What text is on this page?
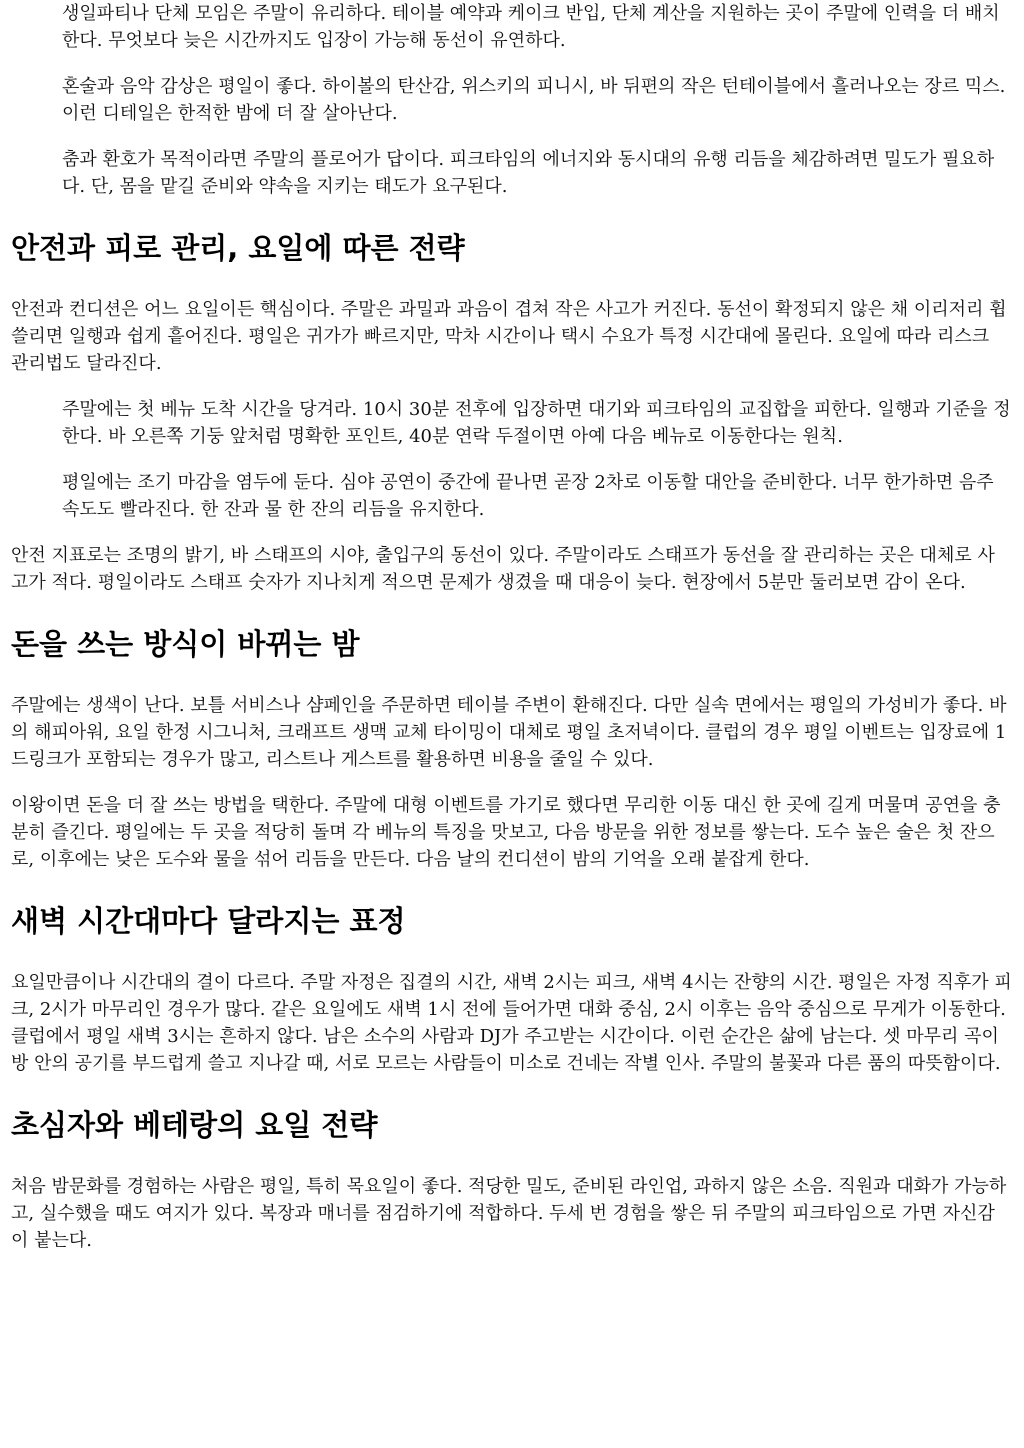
생일파티나 단체 모임은 주말이 유리하다. 테이블 예약과 케이크 반입, 단체 계산을 지원하는 곳이 주말에 인력을 더 배치한다. 무엇보다 늦은 시간까지도 입장이 가능해 동선이 유연하다.

혼술과 음악 감상은 평일이 좋다. 하이볼의 탄산감, 위스키의 피니시, 바 뒤편의 작은 턴테이블에서 흘러나오는 장르 믹스. 이런 디테일은 한적한 밤에 더 잘 살아난다.

춤과 환호가 목적이라면 주말의 플로어가 답이다. 피크타임의 에너지와 동시대의 유행 리듬을 체감하려면 밀도가 필요하다. 단, 몸을 맡길 준비와 약속을 지키는 태도가 요구된다.

안전과 피로 관리, 요일에 따른 전략

안전과 컨디션은 어느 요일이든 핵심이다. 주말은 과밀과 과음이 겹쳐 작은 사고가 커진다. 동선이 확정되지 않은 채 이리저리 휩쓸리면 일행과 쉽게 흩어진다. 평일은 귀가가 빠르지만, 막차 시간이나 택시 수요가 특정 시간대에 몰린다. 요일에 따라 리스크 관리법도 달라진다.

주말에는 첫 베뉴 도착 시간을 당겨라. 10시 30분 전후에 입장하면 대기와 피크타임의 교집합을 피한다. 일행과 기준을 정한다. 바 오른쪽 기둥 앞처럼 명확한 포인트, 40분 연락 두절이면 아예 다음 베뉴로 이동한다는 원칙.

평일에는 조기 마감을 염두에 둔다. 심야 공연이 중간에 끝나면 곧장 2차로 이동할 대안을 준비한다. 너무 한가하면 음주 속도도 빨라진다. 한 잔과 물 한 잔의 리듬을 유지한다.

안전 지표로는 조명의 밝기, 바 스태프의 시야, 출입구의 동선이 있다. 주말이라도 스태프가 동선을 잘 관리하는 곳은 대체로 사고가 적다. 평일이라도 스태프 숫자가 지나치게 적으면 문제가 생겼을 때 대응이 늦다. 현장에서 5분만 둘러보면 감이 온다.

돈을 쓰는 방식이 바뀌는 밤

주말에는 생색이 난다. 보틀 서비스나 샴페인을 주문하면 테이블 주변이 환해진다. 다만 실속 면에서는 평일의 가성비가 좋다. 바의 해피아워, 요일 한정 시그니처, 크래프트 생맥 교체 타이밍이 대체로 평일 초저녁이다. 클럽의 경우 평일 이벤트는 입장료에 1드링크가 포함되는 경우가 많고, 리스트나 게스트를 활용하면 비용을 줄일 수 있다.

이왕이면 돈을 더 잘 쓰는 방법을 택한다. 주말에 대형 이벤트를 가기로 했다면 무리한 이동 대신 한 곳에 길게 머물며 공연을 충분히 즐긴다. 평일에는 두 곳을 적당히 돌며 각 베뉴의 특징을 맛보고, 다음 방문을 위한 정보를 쌓는다. 도수 높은 술은 첫 잔으로, 이후에는 낮은 도수와 물을 섞어 리듬을 만든다. 다음 날의 컨디션이 밤의 기억을 오래 붙잡게 한다.

새벽 시간대마다 달라지는 표정

요일만큼이나 시간대의 결이 다르다. 주말 자정은 집결의 시간, 새벽 2시는 피크, 새벽 4시는 잔향의 시간. 평일은 자정 직후가 피크, 2시가 마무리인 경우가 많다. 같은 요일에도 새벽 1시 전에 들어가면 대화 중심, 2시 이후는 음악 중심으로 무게가 이동한다. 클럽에서 평일 새벽 3시는 흔하지 않다. 남은 소수의 사람과 DJ가 주고받는 시간이다. 이런 순간은 삶에 남는다. 셋 마무리 곡이 방 안의 공기를 부드럽게 쓸고 지나갈 때, 서로 모르는 사람들이 미소로 건네는 작별 인사. 주말의 불꽃과 다른 품의 따뜻함이다.

초심자와 베테랑의 요일 전략

처음 밤문화를 경험하는 사람은 평일, 특히 목요일이 좋다. 적당한 밀도, 준비된 라인업, 과하지 않은 소음. 직원과 대화가 가능하고, 실수했을 때도 여지가 있다. 복장과 매너를 점검하기에 적합하다. 두세 번 경험을 쌓은 뒤 주말의 피크타임으로 가면 자신감이 붙는다.
